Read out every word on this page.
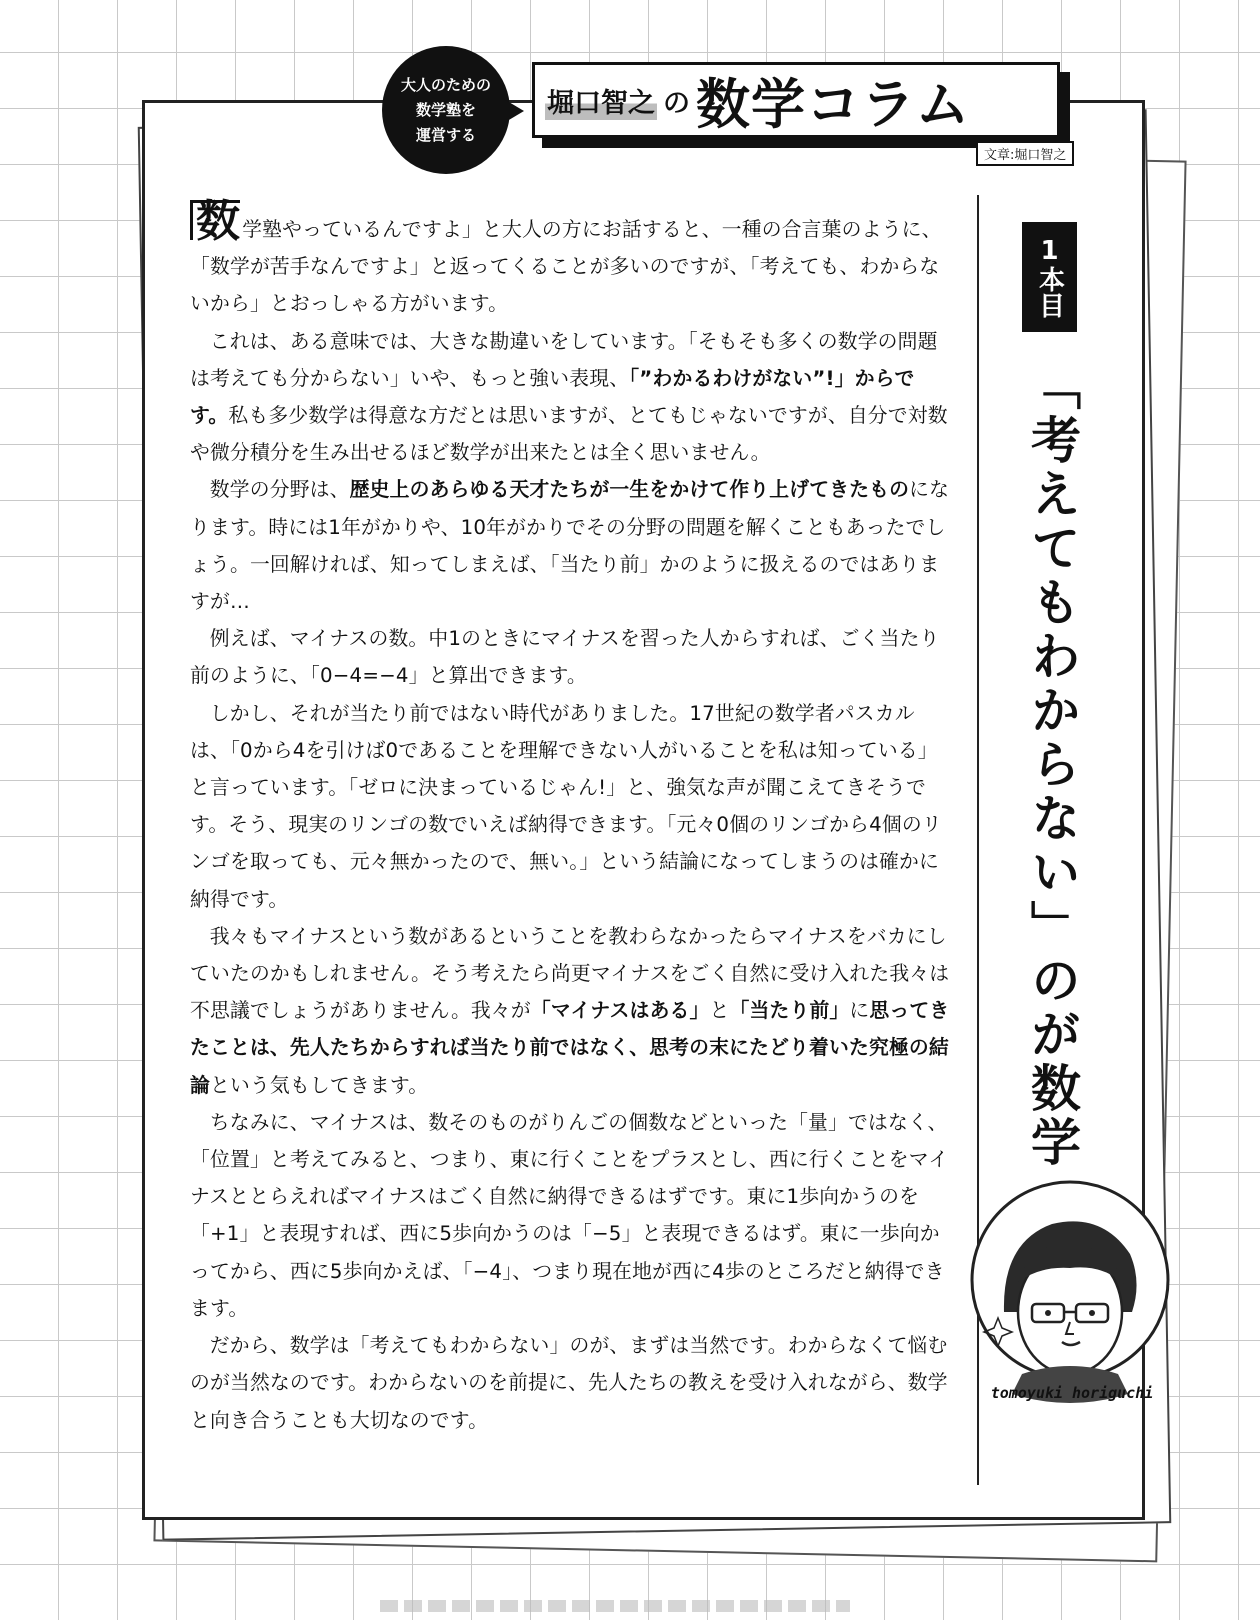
大人のための
数学塾を
運営する
堀口智之 の 数学コラム
文章:堀口智之
1本目
「考えてもわからない」のが数学
tomoyuki horiguchi

数 学塾やっているんですよ」と大人の方にお話すると、一種の合言葉のように、「数学が苦手なんですよ」と返ってくることが多いのですが、「考えても、わからないから」とおっしゃる方がいます。

これは、ある意味では、大きな勘違いをしています。「そもそも多くの数学の問題は考えても分からない」いや、もっと強い表現、「”わかるわけがない”!」からです。私も多少数学は得意な方だとは思いますが、とてもじゃないですが、自分で対数や微分積分を生み出せるほど数学が出来たとは全く思いません。

数学の分野は、歴史上のあらゆる天才たちが一生をかけて作り上げてきたものになります。時には1年がかりや、10年がかりでその分野の問題を解くこともあったでしょう。一回解ければ、知ってしまえば、「当たり前」かのように扱えるのではありますが…

例えば、マイナスの数。中1のときにマイナスを習った人からすれば、ごく当たり前のように、「0−4=−4」と算出できます。

しかし、それが当たり前ではない時代がありました。17世紀の数学者パスカルは、「0から4を引けば0であることを理解できない人がいることを私は知っている」と言っています。「ゼロに決まっているじゃん!」と、強気な声が聞こえてきそうです。そう、現実のリンゴの数でいえば納得できます。「元々0個のリンゴから4個のリンゴを取っても、元々無かったので、無い。」という結論になってしまうのは確かに納得です。

我々もマイナスという数があるということを教わらなかったらマイナスをバカにしていたのかもしれません。そう考えたら尚更マイナスをごく自然に受け入れた我々は不思議でしょうがありません。我々が「マイナスはある」と「当たり前」に思ってきたことは、先人たちからすれば当たり前ではなく、思考の末にたどり着いた究極の結論という気もしてきます。

ちなみに、マイナスは、数そのものがりんごの個数などといった「量」ではなく、「位置」と考えてみると、つまり、東に行くことをプラスとし、西に行くことをマイナスととらえればマイナスはごく自然に納得できるはずです。東に1歩向かうのを「+1」と表現すれば、西に5歩向かうのは「−5」と表現できるはず。東に一歩向かってから、西に5歩向かえば、「−4」、つまり現在地が西に4歩のところだと納得できます。

だから、数学は「考えてもわからない」のが、まずは当然です。わからなくて悩むのが当然なのです。わからないのを前提に、先人たちの教えを受け入れながら、数学と向き合うことも大切なのです。
